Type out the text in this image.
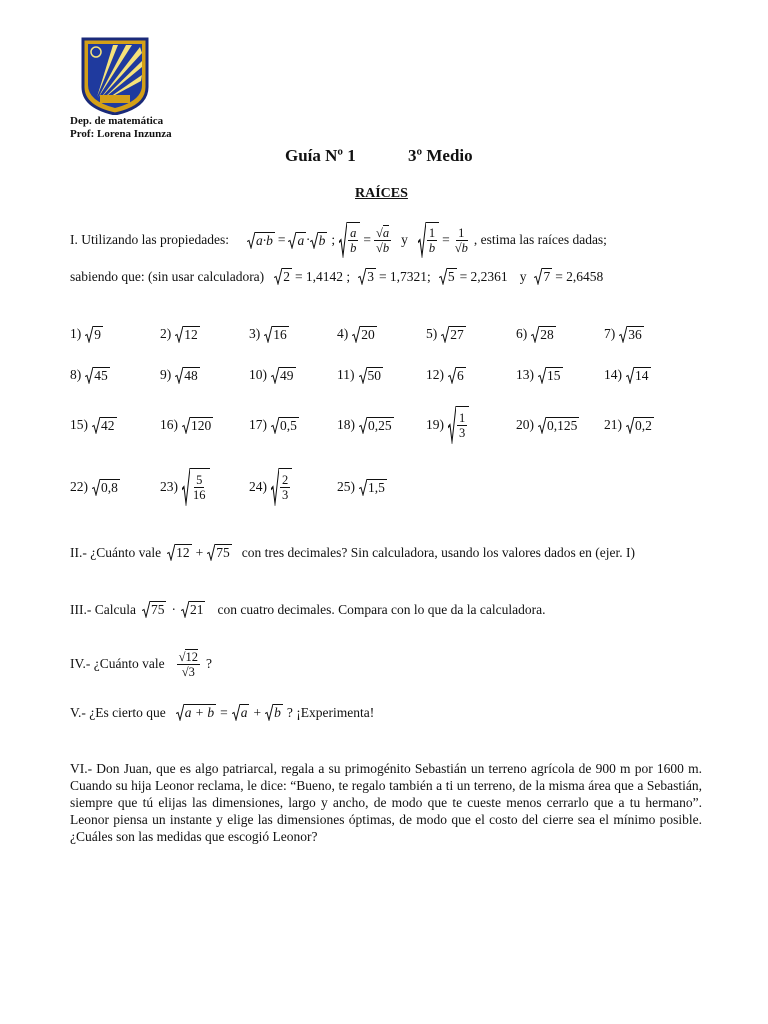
Dep. de matemática
Prof: Lorena Inzunza
Guía Nº 1	3º Medio
RAÍCES
I. Utilizando las propiedades: a·b = a · b ; $\frac{a}{b} = \frac{√a}{√b}$ y $\frac{1}{b} = \frac{1}{√b}$ , estima las raíces dadas;
sabiendo que: (sin usar calculadora) 2 = 1,4142 ; 3 = 1,7321; 5 = 2,2361 y 7 = 2,6458
1) 9	2) 12	3) 16	4) 20	5) 27	6) 28	7) 36
8) 45	9) 48	10) 49	11) 50	12) 6	13) 15	14) 14
15) 42	16) 120	17) 0,5	18) 0,25	$19) \frac{1}{3}$	20) 0,125 21) 0,2
22) 0,8	$23) \frac{5}{16}$	$24) \frac{2}{3}$	25) 1,5
II.- ¿Cuánto vale 12 + 75 con tres decimales? Sin calculadora, usando los valores dados en (ejer. I)
III.- Calcula 75 · 21 con cuatro decimales. Compara con lo que da la calculadora.
IV.- ¿Cuánto vale $\frac{√12}{√3}$ ?
V.- ¿Es cierto que a + b = a + b ? ¡Experimenta!
VI.- Don Juan, que es algo patriarcal, regala a su primogénito Sebastián un terreno agrícola de 900 m por 1600 m. Cuando su hija Leonor reclama, le dice: “Bueno, te regalo también a ti un terreno, de la misma área que a Sebastián, siempre que tú elijas las dimensiones, largo y ancho, de modo que te cueste menos cerrarlo que a tu hermano”. Leonor piensa un instante y elige las dimensiones óptimas, de modo que el costo del cierre sea el mínimo posible. ¿Cuáles son las medidas que escogió Leonor?
